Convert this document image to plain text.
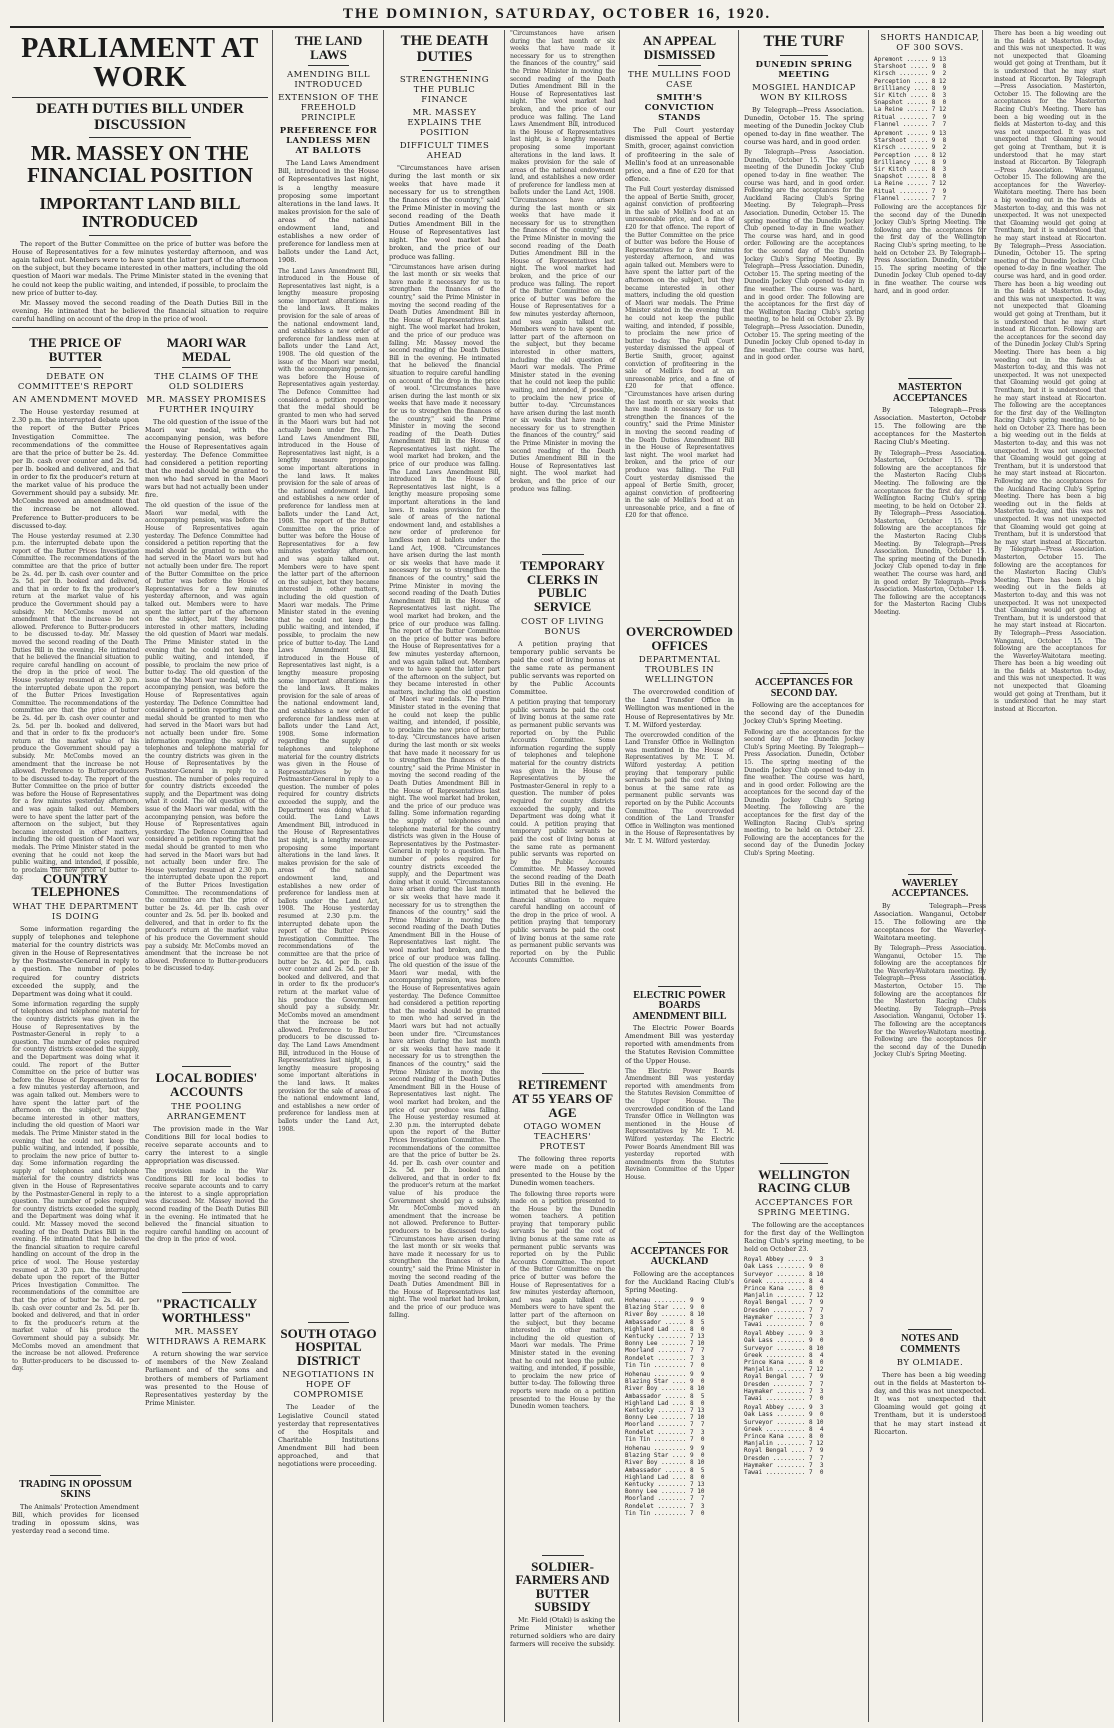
THE DOMINION, SATURDAY, OCTOBER 16, 1920.
PARLIAMENT AT WORK
DEATH DUTIES BILL UNDER DISCUSSION
MR. MASSEY ON THE FINANCIAL POSITION
IMPORTANT LAND BILL INTRODUCED

The report of the Butter Committee on the price of butter was before the House of Representatives for a few minutes yesterday afternoon, and was again talked out. Members were to have spent the latter part of the afternoon on the subject, but they became interested in other matters, including the old question of Maori war medals. The Prime Minister stated in the evening that he could not keep the public waiting, and intended, if possible, to proclaim the new price of butter to-day.

Mr. Massey moved the second reading of the Death Duties Bill in the evening. He intimated that he believed the financial situation to require careful handling on account of the drop in the price of wool.

THE PRICE OF BUTTER
DEBATE ON COMMITTEE'S REPORT
AN AMENDMENT MOVED

The House yesterday resumed at 2.30 p.m. the interrupted debate upon the report of the Butter Prices Investigation Committee. The recommendations of the committee are that the price of butter be 2s. 4d. per lb. cash over counter and 2s. 5d. per lb. booked and delivered, and that in order to fix the producer's return at the market value of his produce the Government should pay a subsidy. Mr. McCombs moved an amendment that the increase be not allowed. Preference to Butter-producers to be discussed to-day.

The House yesterday resumed at 2.30 p.m. the interrupted debate upon the report of the Butter Prices Investigation Committee. The recommendations of the committee are that the price of butter be 2s. 4d. per lb. cash over counter and 2s. 5d. per lb. booked and delivered, and that in order to fix the producer's return at the market value of his produce the Government should pay a subsidy. Mr. McCombs moved an amendment that the increase be not allowed. Preference to Butter-producers to be discussed to-day. Mr. Massey moved the second reading of the Death Duties Bill in the evening. He intimated that he believed the financial situation to require careful handling on account of the drop in the price of wool. The House yesterday resumed at 2.30 p.m. the interrupted debate upon the report of the Butter Prices Investigation Committee. The recommendations of the committee are that the price of butter be 2s. 4d. per lb. cash over counter and 2s. 5d. per lb. booked and delivered, and that in order to fix the producer's return at the market value of his produce the Government should pay a subsidy. Mr. McCombs moved an amendment that the increase be not allowed. Preference to Butter-producers to be discussed to-day. The report of the Butter Committee on the price of butter was before the House of Representatives for a few minutes yesterday afternoon, and was again talked out. Members were to have spent the latter part of the afternoon on the subject, but they became interested in other matters, including the old question of Maori war medals. The Prime Minister stated in the evening that he could not keep the public waiting, and intended, if possible, to proclaim the new price of butter to-day.	COUNTRY TELEPHONES
WHAT THE DEPARTMENT IS DOING

Some information regarding the supply of telephones and telephone material for the country districts was given in the House of Representatives by the Postmaster-General in reply to a question. The number of poles required for country districts exceeded the supply, and the Department was doing what it could.

Some information regarding the supply of telephones and telephone material for the country districts was given in the House of Representatives by the Postmaster-General in reply to a question. The number of poles required for country districts exceeded the supply, and the Department was doing what it could. The report of the Butter Committee on the price of butter was before the House of Representatives for a few minutes yesterday afternoon, and was again talked out. Members were to have spent the latter part of the afternoon on the subject, but they became interested in other matters, including the old question of Maori war medals. The Prime Minister stated in the evening that he could not keep the public waiting, and intended, if possible, to proclaim the new price of butter to-day. Some information regarding the supply of telephones and telephone material for the country districts was given in the House of Representatives by the Postmaster-General in reply to a question. The number of poles required for country districts exceeded the supply, and the Department was doing what it could. Mr. Massey moved the second reading of the Death Duties Bill in the evening. He intimated that he believed the financial situation to require careful handling on account of the drop in the price of wool. The House yesterday resumed at 2.30 p.m. the interrupted debate upon the report of the Butter Prices Investigation Committee. The recommendations of the committee are that the price of butter be 2s. 4d. per lb. cash over counter and 2s. 5d. per lb. booked and delivered, and that in order to fix the producer's return at the market value of his produce the Government should pay a subsidy. Mr. McCombs moved an amendment that the increase be not allowed. Preference to Butter-producers to be discussed to-day.
TRADING IN OPOSSUM SKINS

The Animals' Protection Amendment Bill, which provides for licensed trading in opossum skins, was yesterday read a second time.

MAORI WAR MEDAL
THE CLAIMS OF THE OLD SOLDIERS
MR. MASSEY PROMISES FURTHER INQUIRY

The old question of the issue of the Maori war medal, with the accompanying pension, was before the House of Representatives again yesterday. The Defence Committee had considered a petition reporting that the medal should be granted to men who had served in the Maori wars but had not actually been under fire.

The old question of the issue of the Maori war medal, with the accompanying pension, was before the House of Representatives again yesterday. The Defence Committee had considered a petition reporting that the medal should be granted to men who had served in the Maori wars but had not actually been under fire. The report of the Butter Committee on the price of butter was before the House of Representatives for a few minutes yesterday afternoon, and was again talked out. Members were to have spent the latter part of the afternoon on the subject, but they became interested in other matters, including the old question of Maori war medals. The Prime Minister stated in the evening that he could not keep the public waiting, and intended, if possible, to proclaim the new price of butter to-day. The old question of the issue of the Maori war medal, with the accompanying pension, was before the House of Representatives again yesterday. The Defence Committee had considered a petition reporting that the medal should be granted to men who had served in the Maori wars but had not actually been under fire. Some information regarding the supply of telephones and telephone material for the country districts was given in the House of Representatives by the Postmaster-General in reply to a question. The number of poles required for country districts exceeded the supply, and the Department was doing what it could. The old question of the issue of the Maori war medal, with the accompanying pension, was before the House of Representatives again yesterday. The Defence Committee had considered a petition reporting that the medal should be granted to men who had served in the Maori wars but had not actually been under fire. The House yesterday resumed at 2.30 p.m. the interrupted debate upon the report of the Butter Prices Investigation Committee. The recommendations of the committee are that the price of butter be 2s. 4d. per lb. cash over counter and 2s. 5d. per lb. booked and delivered, and that in order to fix the producer's return at the market value of his produce the Government should pay a subsidy. Mr. McCombs moved an amendment that the increase be not allowed. Preference to Butter-producers to be discussed to-day.
LOCAL BODIES' ACCOUNTS
THE POOLING ARRANGEMENT

The provision made in the War Conditions Bill for local bodies to receive separate accounts and to carry the interest to a single appropriation was discussed.

The provision made in the War Conditions Bill for local bodies to receive separate accounts and to carry the interest to a single appropriation was discussed. Mr. Massey moved the second reading of the Death Duties Bill in the evening. He intimated that he believed the financial situation to require careful handling on account of the drop in the price of wool.
"PRACTICALLY WORTHLESS"
MR. MASSEY WITHDRAWS A REMARK

A return showing the war service of members of the New Zealand Parliament and of the sons and brothers of members of Parliament was presented to the House of Representatives yesterday by the Prime Minister.

THE LAND LAWS
AMENDING BILL INTRODUCED
EXTENSION OF THE FREEHOLD PRINCIPLE
PREFERENCE FOR LANDLESS MEN AT BALLOTS

The Land Laws Amendment Bill, introduced in the House of Representatives last night, is a lengthy measure proposing some important alterations in the land laws. It makes provision for the sale of areas of the national endowment land, and establishes a new order of preference for landless men at ballots under the Land Act, 1908.

The Land Laws Amendment Bill, introduced in the House of Representatives last night, is a lengthy measure proposing some important alterations in the land laws. It makes provision for the sale of areas of the national endowment land, and establishes a new order of preference for landless men at ballots under the Land Act, 1908. The old question of the issue of the Maori war medal, with the accompanying pension, was before the House of Representatives again yesterday. The Defence Committee had considered a petition reporting that the medal should be granted to men who had served in the Maori wars but had not actually been under fire. The Land Laws Amendment Bill, introduced in the House of Representatives last night, is a lengthy measure proposing some important alterations in the land laws. It makes provision for the sale of areas of the national endowment land, and establishes a new order of preference for landless men at ballots under the Land Act, 1908. The report of the Butter Committee on the price of butter was before the House of Representatives for a few minutes yesterday afternoon, and was again talked out. Members were to have spent the latter part of the afternoon on the subject, but they became interested in other matters, including the old question of Maori war medals. The Prime Minister stated in the evening that he could not keep the public waiting, and intended, if possible, to proclaim the new price of butter to-day. The Land Laws Amendment Bill, introduced in the House of Representatives last night, is a lengthy measure proposing some important alterations in the land laws. It makes provision for the sale of areas of the national endowment land, and establishes a new order of preference for landless men at ballots under the Land Act, 1908.	Some information regarding the supply of telephones and telephone material for the country districts was given in the House of Representatives by the Postmaster-General in reply to a question. The number of poles required for country districts exceeded the supply, and the Department was doing what it could. The Land Laws Amendment Bill, introduced in the House of Representatives last night, is a lengthy measure proposing some important alterations in the land laws. It makes provision for the sale of areas of the national endowment land, and establishes a new order of preference for landless men at ballots under the Land Act, 1908. The House yesterday resumed at 2.30 p.m. the interrupted debate upon the report of the Butter Prices Investigation Committee. The recommendations of the committee are that the price of butter be 2s. 4d. per lb. cash over counter and 2s. 5d. per lb. booked and delivered, and that in order to fix the producer's return at the market value of his produce the Government should pay a subsidy. Mr. McCombs moved an amendment that the increase be not allowed. Preference to Butter-producers to be discussed to-day. The Land Laws Amendment Bill, introduced in the House of Representatives last night, is a lengthy measure proposing some important alterations in the land laws. It makes provision for the sale of areas of the national endowment land, and establishes a new order of preference for landless men at ballots under the Land Act, 1908.
SOUTH OTAGO HOSPITAL DISTRICT
NEGOTIATIONS IN HOPE OF COMPROMISE

The Leader of the Legislative Council stated yesterday that representatives of the Hospitals and Charitable Institutions Amendment Bill had been approached, and that negotiations were proceeding.

THE DEATH DUTIES
STRENGTHENING THE PUBLIC FINANCE
MR. MASSEY EXPLAINS THE POSITION
DIFFICULT TIMES AHEAD

"Circumstances have arisen during the last month or six weeks that have made it necessary for us to strengthen the finances of the country," said the Prime Minister in moving the second reading of the Death Duties Amendment Bill in the House of Representatives last night. The wool market had broken, and the price of our produce was falling.

"Circumstances have arisen during the last month or six weeks that have made it necessary for us to strengthen the finances of the country," said the Prime Minister in moving the second reading of the Death Duties Amendment Bill in the House of Representatives last night. The wool market had broken, and the price of our produce was falling. Mr. Massey moved the second reading of the Death Duties Bill in the evening. He intimated that he believed the financial situation to require careful handling on account of the drop in the price of wool. "Circumstances have arisen during the last month or six weeks that have made it necessary for us to strengthen the finances of the country," said the Prime Minister in moving the second reading of the Death Duties Amendment Bill in the House of Representatives last night. The wool market had broken, and the price of our produce was falling. The Land Laws Amendment Bill, introduced in the House of Representatives last night, is a lengthy measure proposing some important alterations in the land laws. It makes provision for the sale of areas of the national endowment land, and establishes a new order of preference for landless men at ballots under the Land Act, 1908. "Circumstances have arisen during the last month or six weeks that have made it necessary for us to strengthen the finances of the country," said the Prime Minister in moving the second reading of the Death Duties Amendment Bill in the House of Representatives last night. The wool market had broken, and the price of our produce was falling. The report of the Butter Committee on the price of butter was before the House of Representatives for a few minutes yesterday afternoon, and was again talked out. Members were to have spent the latter part of the afternoon on the subject, but they became interested in other matters, including the old question of Maori war medals. The Prime Minister stated in the evening that he could not keep the public waiting, and intended, if possible, to proclaim the new price of butter to-day. "Circumstances have arisen during the last month or six weeks that have made it necessary for us to strengthen the finances of the country," said the Prime Minister in moving the second reading of the Death Duties Amendment Bill in the House of Representatives last night. The wool market had broken, and the price of our produce was falling. Some information regarding the supply of telephones and telephone material for the country districts was given in the House of Representatives by the Postmaster-General in reply to a question. The number of poles required for country districts exceeded the supply, and the Department was doing what it could. "Circumstances have arisen during the last month or six weeks that have made it necessary for us to strengthen the finances of the country," said the Prime Minister in moving the second reading of the Death Duties Amendment Bill in the House of Representatives last night. The wool market had broken, and the price of our produce was falling. The old question of the issue of the Maori war medal, with the accompanying pension, was before the House of Representatives again yesterday. The Defence Committee had considered a petition reporting that the medal should be granted to men who had served in the Maori wars but had not actually been under fire. "Circumstances have arisen during the last month or six weeks that have made it necessary for us to strengthen the finances of the country," said the Prime Minister in moving the second reading of the Death Duties Amendment Bill in the House of Representatives last night. The wool market had broken, and the price of our produce was falling. The House yesterday resumed at 2.30 p.m. the interrupted debate upon the report of the Butter Prices Investigation Committee. The recommendations of the committee are that the price of butter be 2s. 4d. per lb. cash over counter and 2s. 5d. per lb. booked and delivered, and that in order to fix the producer's return at the market value of his produce the Government should pay a subsidy. Mr. McCombs moved an amendment that the increase be not allowed. Preference to Butter-producers to be discussed to-day. "Circumstances have arisen during the last month or six weeks that have made it necessary for us to strengthen the finances of the country," said the Prime Minister in moving the second reading of the Death Duties Amendment Bill in the House of Representatives last night. The wool market had broken, and the price of our produce was falling.
"Circumstances have arisen during the last month or six weeks that have made it necessary for us to strengthen the finances of the country," said the Prime Minister in moving the second reading of the Death Duties Amendment Bill in the House of Representatives last night. The wool market had broken, and the price of our produce was falling. The Land Laws Amendment Bill, introduced in the House of Representatives last night, is a lengthy measure proposing some important alterations in the land laws. It makes provision for the sale of areas of the national endowment land, and establishes a new order of preference for landless men at ballots under the Land Act, 1908. "Circumstances have arisen during the last month or six weeks that have made it necessary for us to strengthen the finances of the country," said the Prime Minister in moving the second reading of the Death Duties Amendment Bill in the House of Representatives last night. The wool market had broken, and the price of our produce was falling. The report of the Butter Committee on the price of butter was before the House of Representatives for a few minutes yesterday afternoon, and was again talked out. Members were to have spent the latter part of the afternoon on the subject, but they became interested in other matters, including the old question of Maori war medals. The Prime Minister stated in the evening that he could not keep the public waiting, and intended, if possible, to proclaim the new price of butter to-day. "Circumstances have arisen during the last month or six weeks that have made it necessary for us to strengthen the finances of the country," said the Prime Minister in moving the second reading of the Death Duties Amendment Bill in the House of Representatives last night. The wool market had broken, and the price of our produce was falling.
TEMPORARY CLERKS IN PUBLIC SERVICE
COST OF LIVING BONUS

A petition praying that temporary public servants be paid the cost of living bonus at the same rate as permanent public servants was reported on by the Public Accounts Committee.

A petition praying that temporary public servants be paid the cost of living bonus at the same rate as permanent public servants was reported on by the Public Accounts Committee. Some information regarding the supply of telephones and telephone material for the country districts was given in the House of Representatives by the Postmaster-General in reply to a question. The number of poles required for country districts exceeded the supply, and the Department was doing what it could. A petition praying that temporary public servants be paid the cost of living bonus at the same rate as permanent public servants was reported on by the Public Accounts Committee. Mr. Massey moved the second reading of the Death Duties Bill in the evening. He intimated that he believed the financial situation to require careful handling on account of the drop in the price of wool. A petition praying that temporary public servants be paid the cost of living bonus at the same rate as permanent public servants was reported on by the Public Accounts Committee.
RETIREMENT AT 55 YEARS OF AGE
OTAGO WOMEN TEACHERS' PROTEST

The following three reports were made on a petition presented to the House by the Dunedin women teachers.

The following three reports were made on a petition presented to the House by the Dunedin women teachers. A petition praying that temporary public servants be paid the cost of living bonus at the same rate as permanent public servants was reported on by the Public Accounts Committee. The report of the Butter Committee on the price of butter was before the House of Representatives for a few minutes yesterday afternoon, and was again talked out. Members were to have spent the latter part of the afternoon on the subject, but they became interested in other matters, including the old question of Maori war medals. The Prime Minister stated in the evening that he could not keep the public waiting, and intended, if possible, to proclaim the new price of butter to-day. The following three reports were made on a petition presented to the House by the Dunedin women teachers.
SOLDIER-FARMERS AND BUTTER SUBSIDY

Mr. Field (Otaki) is asking the Prime Minister whether returned soldiers who are dairy farmers will receive the subsidy.

AN APPEAL DISMISSED
THE MULLINS FOOD CASE
SMITH'S CONVICTION STANDS

The Full Court yesterday dismissed the appeal of Bertie Smith, grocer, against conviction of profiteering in the sale of Mellin's food at an unreasonable price, and a fine of £20 for that offence.

The Full Court yesterday dismissed the appeal of Bertie Smith, grocer, against conviction of profiteering in the sale of Mellin's food at an unreasonable price, and a fine of £20 for that offence. The report of the Butter Committee on the price of butter was before the House of Representatives for a few minutes yesterday afternoon, and was again talked out. Members were to have spent the latter part of the afternoon on the subject, but they became interested in other matters, including the old question of Maori war medals. The Prime Minister stated in the evening that he could not keep the public waiting, and intended, if possible, to proclaim the new price of butter to-day. The Full Court yesterday dismissed the appeal of Bertie Smith, grocer, against conviction of profiteering in the sale of Mellin's food at an unreasonable price, and a fine of £20 for that offence. "Circumstances have arisen during the last month or six weeks that have made it necessary for us to strengthen the finances of the country," said the Prime Minister in moving the second reading of the Death Duties Amendment Bill in the House of Representatives last night. The wool market had broken, and the price of our produce was falling. The Full Court yesterday dismissed the appeal of Bertie Smith, grocer, against conviction of profiteering in the sale of Mellin's food at an unreasonable price, and a fine of £20 for that offence.
OVERCROWDED OFFICES
DEPARTMENTAL TROUBLES IN WELLINGTON

The overcrowded condition of the Land Transfer Office in Wellington was mentioned in the House of Representatives by Mr. T. M. Wilford yesterday.

The overcrowded condition of the Land Transfer Office in Wellington was mentioned in the House of Representatives by Mr. T. M. Wilford yesterday. A petition praying that temporary public servants be paid the cost of living bonus at the same rate as permanent public servants was reported on by the Public Accounts Committee. The overcrowded condition of the Land Transfer Office in Wellington was mentioned in the House of Representatives by Mr. T. M. Wilford yesterday.
ELECTRIC POWER BOARDS AMENDMENT BILL

The Electric Power Boards Amendment Bill was yesterday reported with amendments from the Statutes Revision Committee of the Upper House.

The Electric Power Boards Amendment Bill was yesterday reported with amendments from the Statutes Revision Committee of the Upper House.	The overcrowded condition of the Land Transfer Office in Wellington was mentioned in the House of Representatives by Mr. T. M. Wilford yesterday. The Electric Power Boards Amendment Bill was yesterday reported with amendments from the Statutes Revision Committee of the Upper House.
ACCEPTANCES FOR AUCKLAND

Following are the acceptances for the Auckland Racing Club's Spring Meeting.

Hohenau ......... 9  9
Blazing Star .... 9  0
River Boy ....... 8 10
Ambassador ...... 8  5
Highland Lad .... 8  0
Kentucky ........ 7 13
Bonny Lee ....... 7 10
Moorland ........ 7  7
Rondelet ........ 7  3
Tin Tin ......... 7  0
Hohenau ......... 9  9
Blazing Star .... 9  0
River Boy ....... 8 10
Ambassador ...... 8  5
Highland Lad .... 8  0
Kentucky ........ 7 13
Bonny Lee ....... 7 10
Moorland ........ 7  7
Rondelet ........ 7  3
Tin Tin ......... 7  0
Hohenau ......... 9  9
Blazing Star .... 9  0
River Boy ....... 8 10
Ambassador ...... 8  5
Highland Lad .... 8  0
Kentucky ........ 7 13
Bonny Lee ....... 7 10
Moorland ........ 7  7
Rondelet ........ 7  3
Tin Tin ......... 7  0
THE TURF
DUNEDIN SPRING MEETING
MOSGIEL HANDICAP WON BY KILROSS

By Telegraph—Press Association. Dunedin, October 15. The spring meeting of the Dunedin Jockey Club opened to-day in fine weather. The course was hard, and in good order.

By Telegraph—Press Association. Dunedin, October 15. The spring meeting of the Dunedin Jockey Club opened to-day in fine weather. The course was hard, and in good order. Following are the acceptances for the Auckland Racing Club's Spring Meeting.	By Telegraph—Press Association. Dunedin, October 15. The spring meeting of the Dunedin Jockey Club opened to-day in fine weather. The course was hard, and in good order. Following are the acceptances for the second day of the Dunedin Jockey Club's Spring Meeting. By Telegraph—Press Association. Dunedin, October 15. The spring meeting of the Dunedin Jockey Club opened to-day in fine weather. The course was hard, and in good order. The following are the acceptances for the first day of the Wellington Racing Club's spring meeting, to be held on October 23. By Telegraph—Press Association. Dunedin, October 15. The spring meeting of the Dunedin Jockey Club opened to-day in fine weather. The course was hard, and in good order.
ACCEPTANCES FOR SECOND DAY.

Following are the acceptances for the second day of the Dunedin Jockey Club's Spring Meeting.

Following are the acceptances for the second day of the Dunedin Jockey Club's Spring Meeting. By Telegraph—Press Association. Dunedin, October 15. The spring meeting of the Dunedin Jockey Club opened to-day in fine weather. The course was hard, and in good order. Following are the acceptances for the second day of the Dunedin Jockey Club's Spring Meeting. The following are the acceptances for the first day of the Wellington Racing Club's spring meeting, to be held on October 23. Following are the acceptances for the second day of the Dunedin Jockey Club's Spring Meeting.
WELLINGTON RACING CLUB
ACCEPTANCES FOR SPRING MEETING.

The following are the acceptances for the first day of the Wellington Racing Club's spring meeting, to be held on October 23.

Royal Abbey ..... 9  3
Oak Lass ........ 9  0
Surveyor ........ 8 10
Greek ........... 8  4
Prince Kana ..... 8  0
Manjalin ........ 7 12
Royal Bengal .... 7  9
Dresden ......... 7  7
Haymaker ........ 7  3
Tawai ........... 7  0
Royal Abbey ..... 9  3
Oak Lass ........ 9  0
Surveyor ........ 8 10
Greek ........... 8  4
Prince Kana ..... 8  0
Manjalin ........ 7 12
Royal Bengal .... 7  9
Dresden ......... 7  7
Haymaker ........ 7  3
Tawai ........... 7  0
Royal Abbey ..... 9  3
Oak Lass ........ 9  0
Surveyor ........ 8 10
Greek ........... 8  4
Prince Kana ..... 8  0
Manjalin ........ 7 12
Royal Bengal .... 7  9
Dresden ......... 7  7
Haymaker ........ 7  3
Tawai ........... 7  0
SHORTS HANDICAP, OF 300 SOVS.
Apremont ...... 9 13
Starshoot ..... 9  8
Kirsch ........ 9  2
Perception .... 8 12
Brilliancy .... 8  9
Sir Kitch ..... 8  3
Snapshot ...... 8  0
La Reine ...... 7 12
Ritual ........ 7  9
Flannel ....... 7  7
Apremont ...... 9 13
Starshoot ..... 9  8
Kirsch ........ 9  2
Perception .... 8 12
Brilliancy .... 8  9
Sir Kitch ..... 8  3
Snapshot ...... 8  0
La Reine ...... 7 12
Ritual ........ 7  9
Flannel ....... 7  7
Following are the acceptances for the second day of the Dunedin Jockey Club's Spring Meeting. The following are the acceptances for the first day of the Wellington Racing Club's spring meeting, to be held on October 23. By Telegraph—Press Association. Dunedin, October 15. The spring meeting of the Dunedin Jockey Club opened to-day in fine weather. The course was hard, and in good order.
MASTERTON ACCEPTANCES

By Telegraph—Press Association. Masterton, October 15. The following are the acceptances for the Masterton Racing Club's Meeting.

By Telegraph—Press Association. Masterton, October 15. The following are the acceptances for the Masterton Racing Club's Meeting. The following are the acceptances for the first day of the Wellington Racing Club's spring meeting, to be held on October 23. By Telegraph—Press Association. Masterton, October 15. The following are the acceptances for the Masterton Racing Club's Meeting. By Telegraph—Press Association. Dunedin, October 15. The spring meeting of the Dunedin Jockey Club opened to-day in fine weather. The course was hard, and in good order. By Telegraph—Press Association. Masterton, October 15. The following are the acceptances for the Masterton Racing Club's Meeting.
WAVERLEY ACCEPTANCES.

By Telegraph—Press Association. Wanganui, October 15. The following are the acceptances for the Waverley-Waitotara meeting.

By Telegraph—Press Association. Wanganui, October 15. The following are the acceptances for the Waverley-Waitotara meeting. By Telegraph—Press Association. Masterton, October 15. The following are the acceptances for the Masterton Racing Club's Meeting. By Telegraph—Press Association. Wanganui, October 15. The following are the acceptances for the Waverley-Waitotara meeting. Following are the acceptances for the second day of the Dunedin Jockey Club's Spring Meeting.
NOTES AND COMMENTS
BY OLMIADE.

There has been a big weeding out in the fields at Masterton to-day, and this was not unexpected. It was not unexpected that Gloaming would get going at Trentham, but it is understood that he may start instead at Riccarton.

There has been a big weeding out in the fields at Masterton to-day, and this was not unexpected. It was not unexpected that Gloaming would get going at Trentham, but it is understood that he may start instead at Riccarton. By Telegraph—Press Association. Masterton, October 15. The following are the acceptances for the Masterton Racing Club's Meeting. There has been a big weeding out in the fields at Masterton to-day, and this was not unexpected. It was not unexpected that Gloaming would get going at Trentham, but it is understood that he may start instead at Riccarton. By Telegraph—Press Association. Wanganui, October 15. The following are the acceptances for the Waverley-Waitotara meeting. There has been a big weeding out in the fields at Masterton to-day, and this was not unexpected. It was not unexpected that Gloaming would get going at Trentham, but it is understood that he may start instead at Riccarton. By Telegraph—Press Association. Dunedin, October 15. The spring meeting of the Dunedin Jockey Club opened to-day in fine weather. The course was hard, and in good order. There has been a big weeding out in the fields at Masterton to-day, and this was not unexpected. It was not unexpected that Gloaming would get going at Trentham, but it is understood that he may start instead at Riccarton. Following are the acceptances for the second day of the Dunedin Jockey Club's Spring Meeting. There has been a big weeding out in the fields at Masterton to-day, and this was not unexpected. It was not unexpected that Gloaming would get going at Trentham, but it is understood that he may start instead at Riccarton. The following are the acceptances for the first day of the Wellington Racing Club's spring meeting, to be held on October 23. There has been a big weeding out in the fields at Masterton to-day, and this was not unexpected. It was not unexpected that Gloaming would get going at Trentham, but it is understood that he may start instead at Riccarton. Following are the acceptances for the Auckland Racing Club's Spring Meeting. There has been a big weeding out in the fields at Masterton to-day, and this was not unexpected. It was not unexpected that Gloaming would get going at Trentham, but it is understood that he may start instead at Riccarton. By Telegraph—Press Association. Masterton, October 15. The following are the acceptances for the Masterton Racing Club's Meeting. There has been a big weeding out in the fields at Masterton to-day, and this was not unexpected. It was not unexpected that Gloaming would get going at Trentham, but it is understood that he may start instead at Riccarton. By Telegraph—Press Association. Wanganui, October 15. The following are the acceptances for the Waverley-Waitotara meeting. There has been a big weeding out in the fields at Masterton to-day, and this was not unexpected. It was not unexpected that Gloaming would get going at Trentham, but it is understood that he may start instead at Riccarton.
